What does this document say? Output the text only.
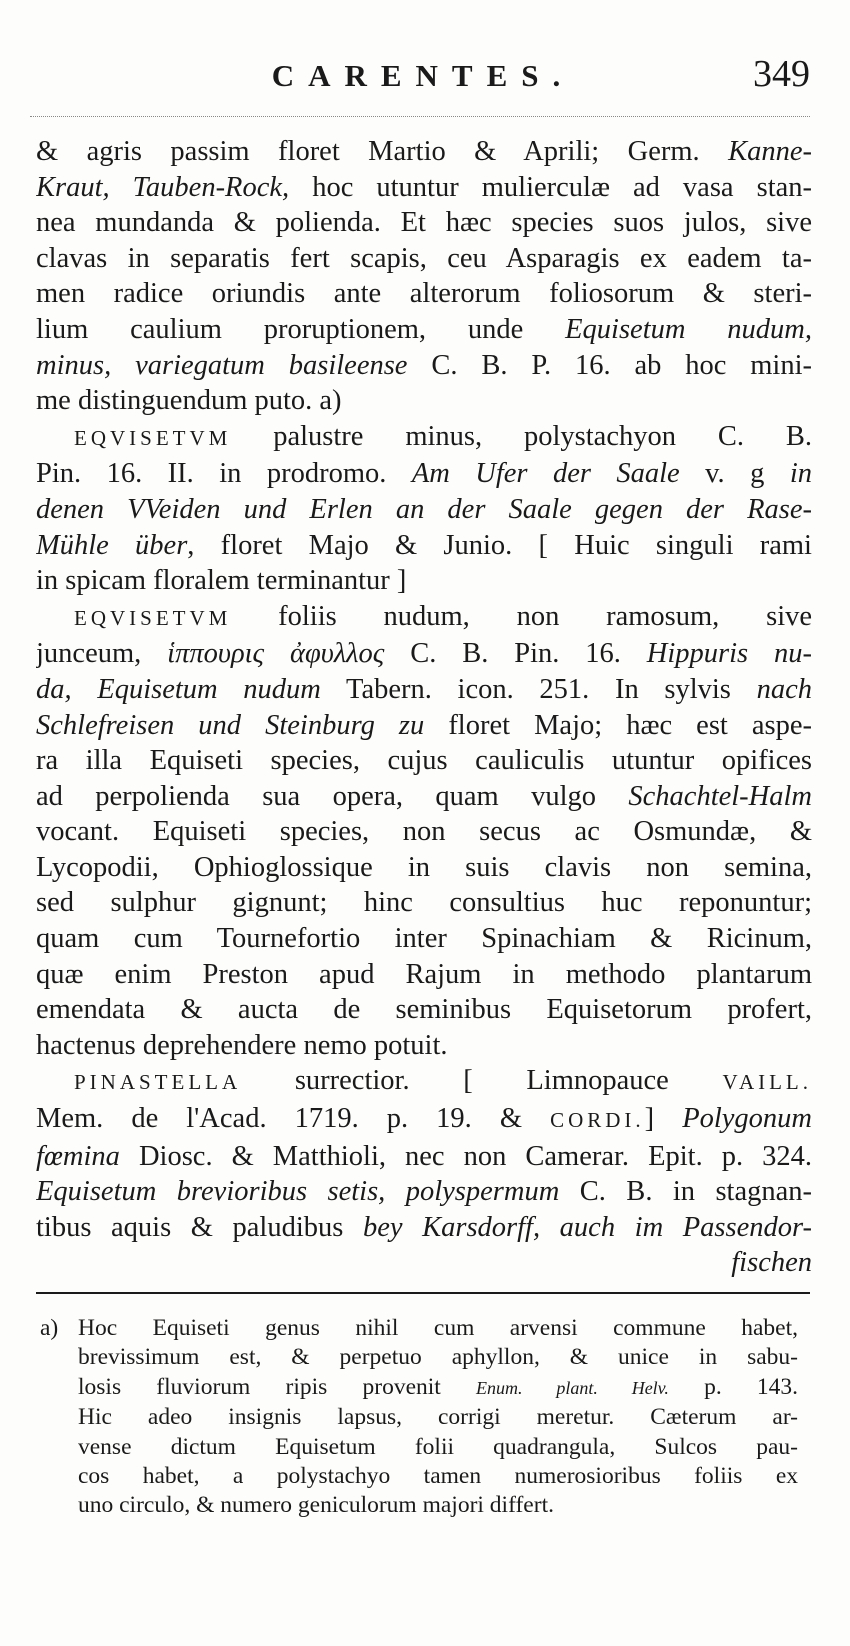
CARENTES.	349
& agris passim floret Martio & Aprili; Germ. Kanne-
Kraut, Tauben-Rock, hoc utuntur mulierculæ ad vasa stan-
nea mundanda & polienda. Et hæc species suos julos, sive
clavas in separatis fert scapis, ceu Asparagis ex eadem ta-
men radice oriundis ante alterorum foliosorum & steri-
lium caulium proruptionem, unde Equisetum nudum,
minus, variegatum basileense C. B. P. 16. ab hoc mini-
me distinguendum puto. a)
EQVISETVM palustre minus, polystachyon C. B.
Pin. 16. II. in prodromo. Am Ufer der Saale v. g in
denen VVeiden und Erlen an der Saale gegen der Rase-
Mühle über, floret Majo & Junio. [ Huic singuli rami
in spicam floralem terminantur ]
EQVISETVM foliis nudum, non ramosum, sive
junceum, ἱππουρις ἀφυλλος C. B. Pin. 16. Hippuris nu-
da, Equisetum nudum Tabern. icon. 251. In sylvis nach
Schlefreisen und Steinburg zu floret Majo; hæc est aspe-
ra illa Equiseti species, cujus cauliculis utuntur opifices
ad perpolienda sua opera, quam vulgo Schachtel-Halm
vocant. Equiseti species, non secus ac Osmundæ, &
Lycopodii, Ophioglossique in suis clavis non semina,
sed sulphur gignunt; hinc consultius huc reponuntur;
quam cum Tournefortio inter Spinachiam & Ricinum,
quæ enim Preston apud Rajum in methodo plantarum
emendata & aucta de seminibus Equisetorum profert,
hactenus deprehendere nemo potuit.
PINASTELLA surrectior. [ Limnopauce	VAILL.
Mem. de l'Acad. 1719. p. 19. & CORDI.] Polygonum
fœmina Diosc. & Matthioli, nec non Camerar. Epit. p. 324.
Equisetum brevioribus setis, polyspermum C. B. in stagnan-
tibus aquis & paludibus bey Karsdorff, auch im Passendor-
fischen
a) Hoc Equiseti genus nihil cum arvensi commune habet,
brevissimum est, & perpetuo aphyllon, & unice in sabu-
losis fluviorum ripis provenit Enum. plant. Helv. p. 143.
Hic adeo insignis lapsus, corrigi meretur. Cæterum ar-
vense dictum Equisetum folii quadrangula, Sulcos pau-
cos habet, a polystachyo tamen numerosioribus foliis ex
uno circulo, & numero geniculorum majori differt.
